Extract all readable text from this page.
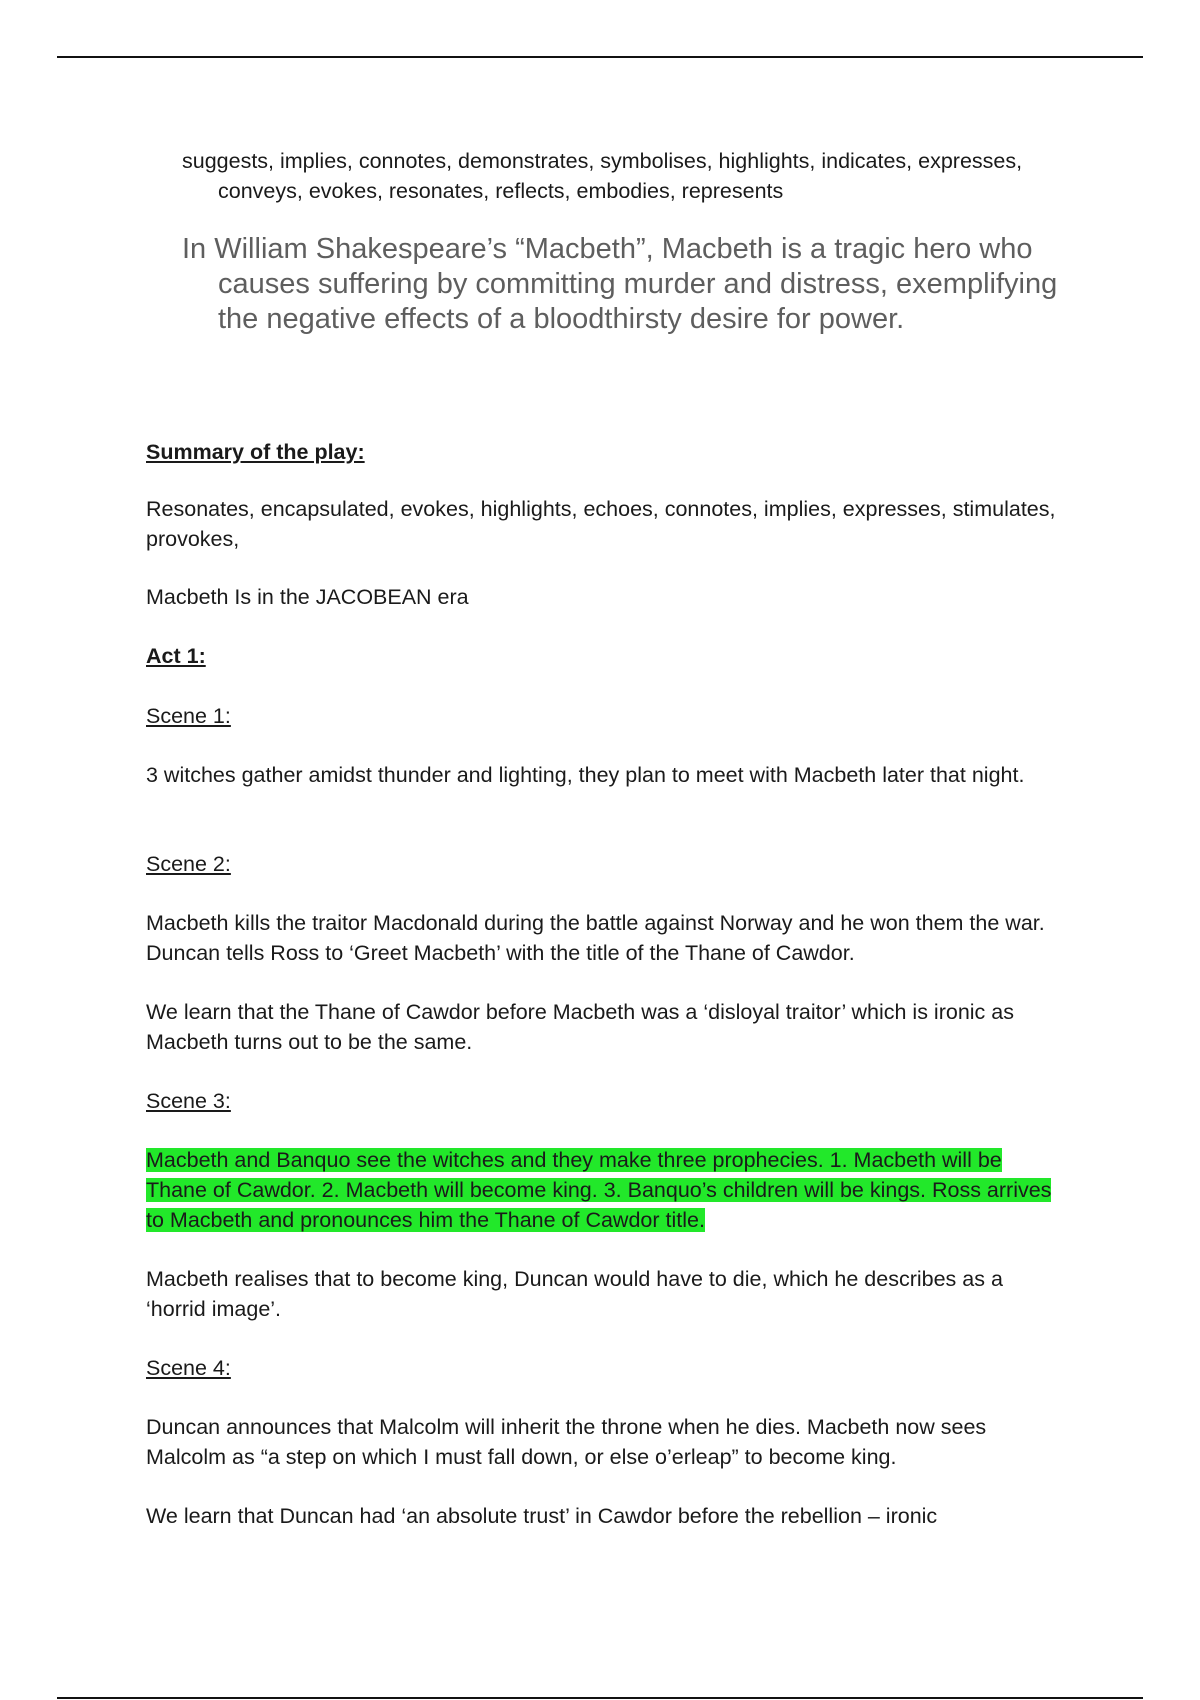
suggests, implies, connotes, demonstrates, symbolises, highlights, indicates, expresses, conveys, evokes, resonates, reflects, embodies, represents

In William Shakespeare’s “Macbeth”, Macbeth is a tragic hero who causes suffering by committing murder and distress, exemplifying the negative effects of a bloodthirsty desire for power.

Summary of the play:

Resonates, encapsulated, evokes, highlights, echoes, connotes, implies, expresses, stimulates, provokes,

Macbeth Is in the JACOBEAN era

Act 1:

Scene 1:

3 witches gather amidst thunder and lighting, they plan to meet with Macbeth later that night.

Scene 2:

Macbeth kills the traitor Macdonald during the battle against Norway and he won them the war. Duncan tells Ross to ‘Greet Macbeth’ with the title of the Thane of Cawdor.

We learn that the Thane of Cawdor before Macbeth was a ‘disloyal traitor’ which is ironic as Macbeth turns out to be the same.

Scene 3:

Macbeth and Banquo see the witches and they make three prophecies. 1. Macbeth will be Thane of Cawdor. 2. Macbeth will become king. 3. Banquo’s children will be kings. Ross arrives to Macbeth and pronounces him the Thane of Cawdor title.

Macbeth realises that to become king, Duncan would have to die, which he describes as a ‘horrid image’.

Scene 4:

Duncan announces that Malcolm will inherit the throne when he dies. Macbeth now sees Malcolm as “a step on which I must fall down, or else o’erleap” to become king.

We learn that Duncan had ‘an absolute trust’ in Cawdor before the rebellion – ironic
